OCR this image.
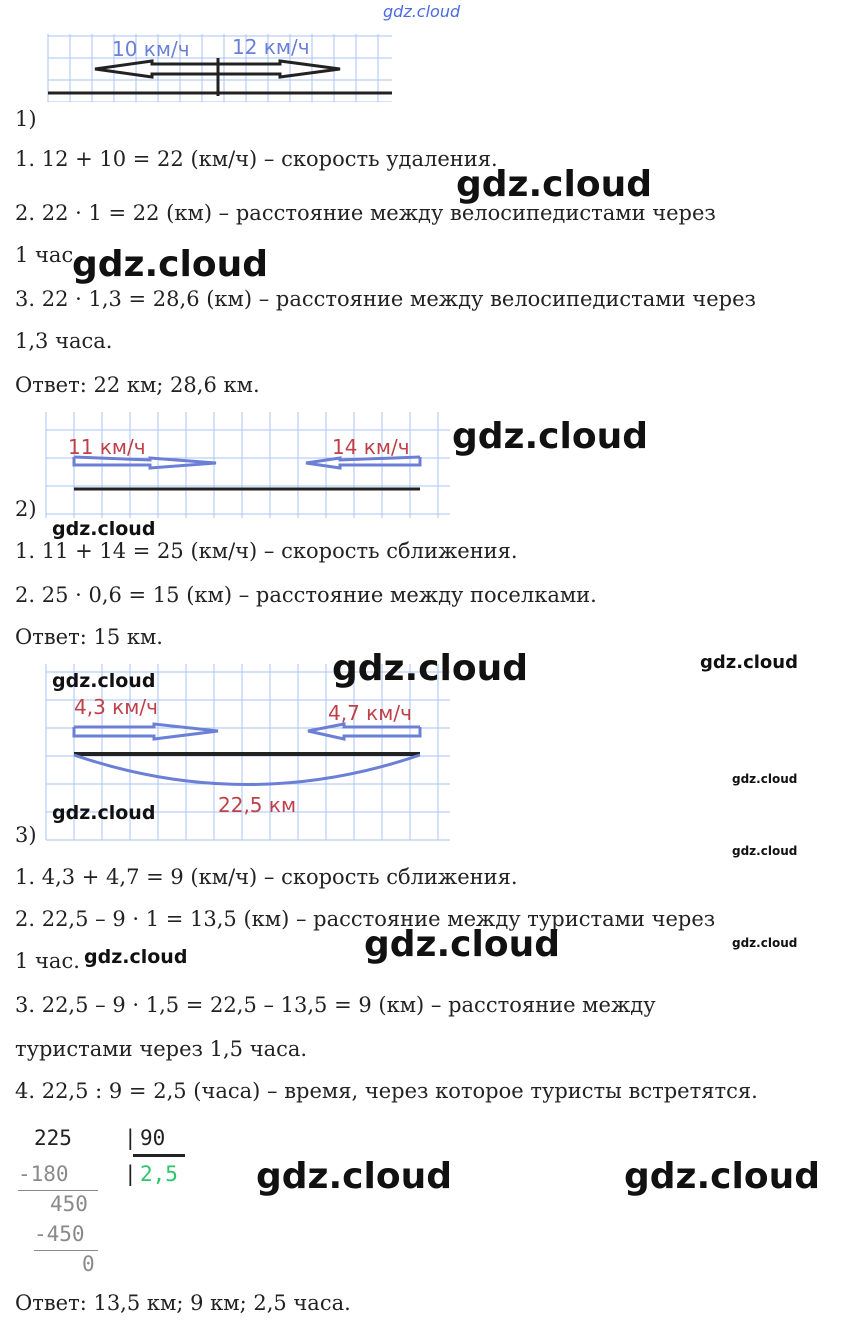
gdz.cloud
10 км/ч 12 км/ч
1)
1. 12 + 10 = 22 (км/ч) – скорость удаления.
2. 22 · 1 = 22 (км) – расстояние между велосипедистами через
1 час.
3. 22 · 1,3 = 28,6 (км) – расстояние между велосипедистами через
1,3 часа.
Ответ: 22 км; 28,6 км.
gdz.cloud
gdz.cloud
11 км/ч	14 км/ч gdz.cloud
2)
gdz.cloud
1. 11 + 14 = 25 (км/ч) – скорость сближения.
2. 25 · 0,6 = 15 (км) – расстояние между поселками.
Ответ: 15 км.
4,3 км/ч	4,7 км/ч
22,5 км
gdz.cloud	gdz.cloud	gdz.cloud
gdz.cloud
gdz.cloud
gdz.cloud
3)
1. 4,3 + 4,7 = 9 (км/ч) – скорость сближения.
2. 22,5 – 9 · 1 = 13,5 (км) – расстояние между туристами через
1 час. gdz.cloud	gdz.cloud	gdz.cloud
3. 22,5 – 9 · 1,5 = 22,5 – 13,5 = 9 (км) – расстояние между
туристами через 1,5 часа.
4. 22,5 : 9 = 2,5 (часа) – время, через которое туристы встретятся.
225 | 90
| 2,5
-180
450
-450
0
gdz.cloud	gdz.cloud
Ответ: 13,5 км; 9 км; 2,5 часа.
